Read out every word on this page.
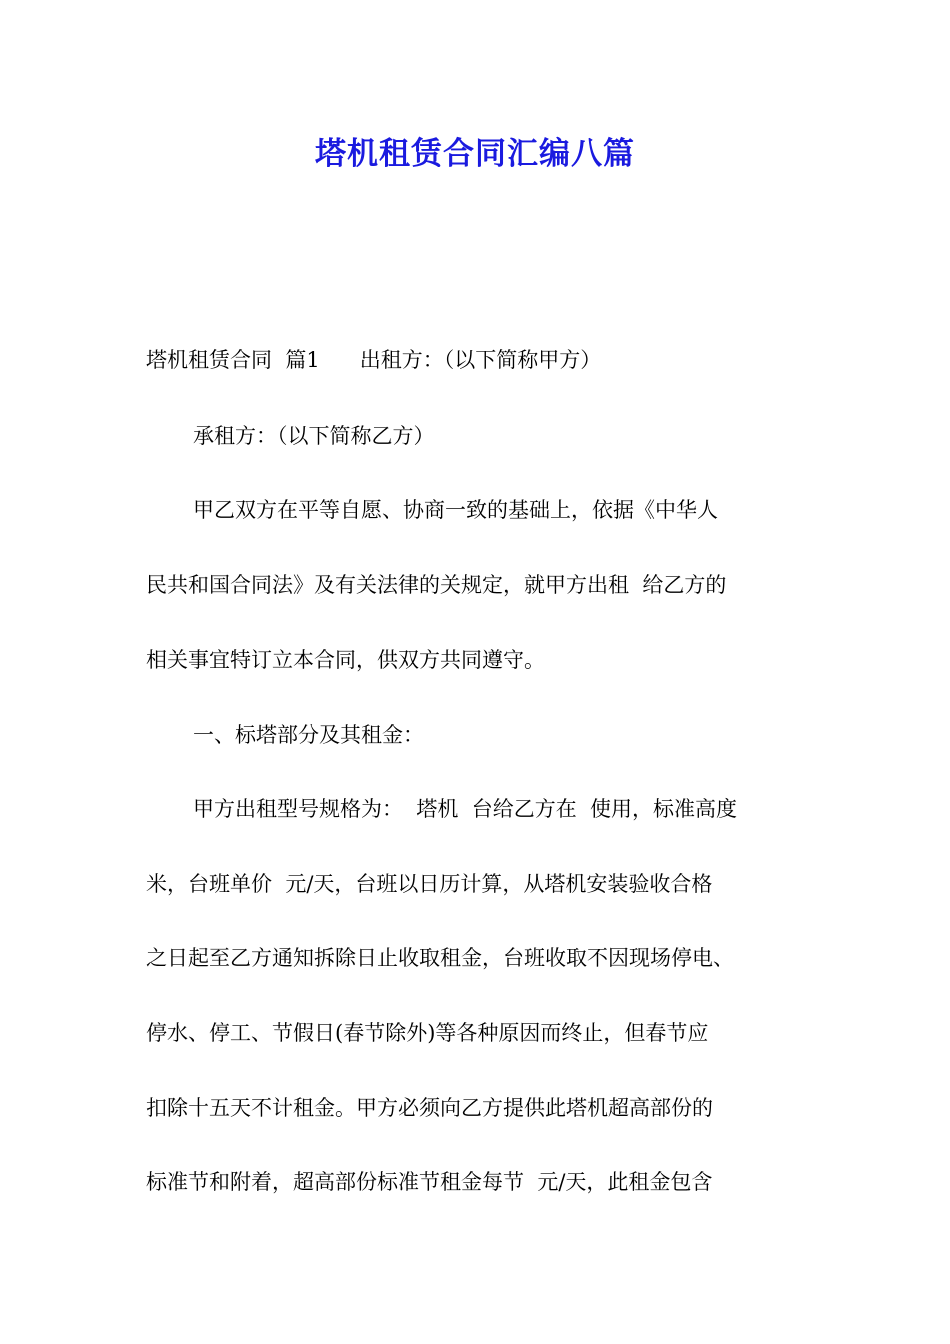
塔机租赁合同汇编八篇

塔机租赁合同  篇1      出租方：（以下简称甲方）

承租方：（以下简称乙方）

甲乙双方在平等自愿、协商一致的基础上，依据《中华人

民共和国合同法》及有关法律的关规定，就甲方出租  给乙方的

相关事宜特订立本合同，供双方共同遵守。

一、标塔部分及其租金：

甲方出租型号规格为：  塔机  台给乙方在  使用，标准高度

米，台班单价  元/天，台班以日历计算，从塔机安装验收合格

之日起至乙方通知拆除日止收取租金，台班收取不因现场停电、

停水、停工、节假日(春节除外)等各种原因而终止，但春节应

扣除十五天不计租金。甲方必须向乙方提供此塔机超高部份的

标准节和附着，超高部份标准节租金每节  元/天，此租金包含
